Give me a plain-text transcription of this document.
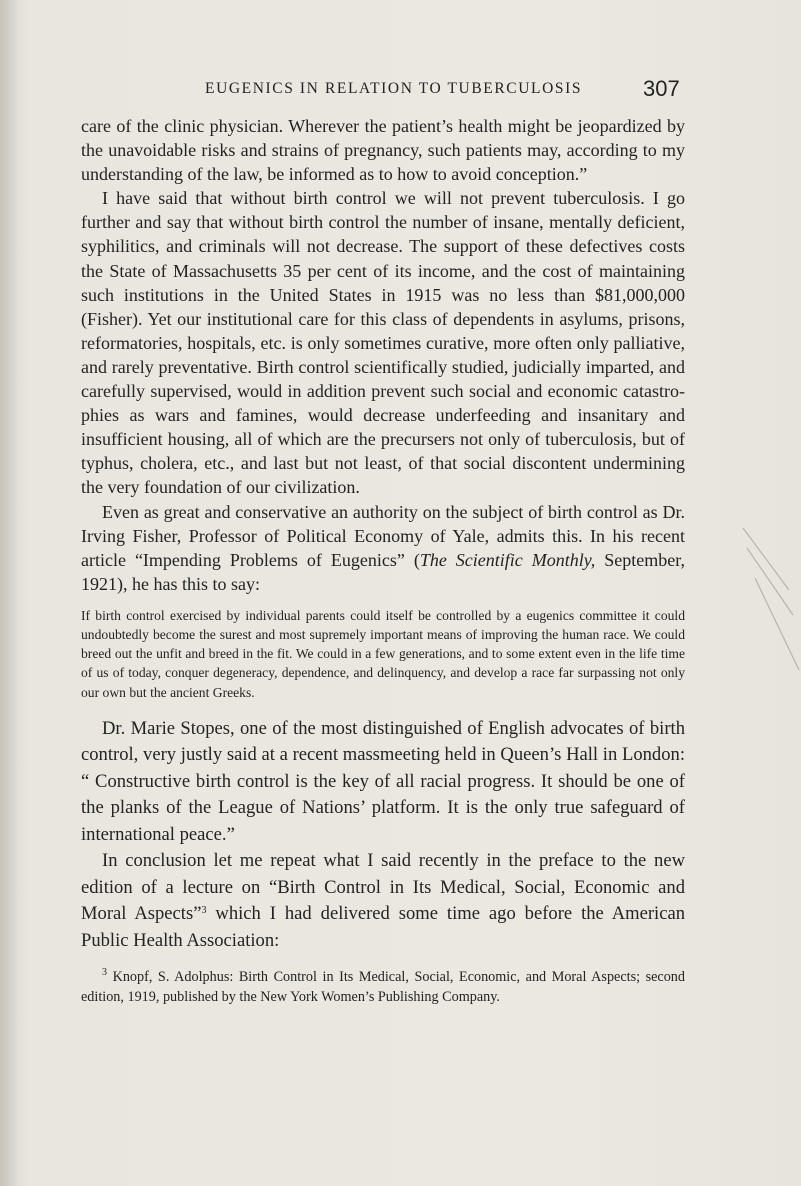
EUGENICS IN RELATION TO TUBERCULOSIS	307

care of the clinic physician. Wherever the patient’s health might be jeopardized by the unavoidable risks and strains of pregnancy, such patients may, according to my understanding of the law, be informed as to how to avoid conception.”

I have said that without birth control we will not prevent tuberculosis. I go further and say that without birth control the number of insane, mentally deficient, syphilitics, and criminals will not decrease. The support of these defectives costs the State of Massachusetts 35 per cent of its income, and the cost of maintaining such institutions in the United States in 1915 was no less than $81,000,000 (Fisher). Yet our institutional care for this class of dependents in asylums, prisons, reformatories, hospitals, etc. is only sometimes curative, more often only palliative, and rarely preventative. Birth control scientifically studied, judicially imparted, and carefully supervised, would in addition prevent such social and economic catastrophies as wars and famines, would decrease underfeeding and insanitary and insufficient housing, all of which are the precursers not only of tuberculosis, but of typhus, cholera, etc., and last but not least, of that social discontent undermining the very foundation of our civilization.

Even as great and conservative an authority on the subject of birth control as Dr. Irving Fisher, Professor of Political Economy of Yale, admits this. In his recent article “Impending Problems of Eugenics” (The Scientific Monthly, September, 1921), he has this to say:

If birth control exercised by individual parents could itself be controlled by a eugenics committee it could undoubtedly become the surest and most supremely important means of improving the human race. We could breed out the unfit and breed in the fit. We could in a few generations, and to some extent even in the life time of us of today, conquer degeneracy, dependence, and delinquency, and develop a race far surpassing not only our own but the ancient Greeks.

Dr. Marie Stopes, one of the most distinguished of English advocates of birth control, very justly said at a recent massmeeting held in Queen’s Hall in London: “ Constructive birth control is the key of all racial progress. It should be one of the planks of the League of Nations’ platform. It is the only true safeguard of international peace.”

In conclusion let me repeat what I said recently in the preface to the new edition of a lecture on “Birth Control in Its Medical, Social, Economic and Moral Aspects”$^3$ which I had delivered some time ago before the American Public Health Association:

$^3$ Knopf, S. Adolphus: Birth Control in Its Medical, Social, Economic, and Moral Aspects; second edition, 1919, published by the New York Women’s Publishing Company.
